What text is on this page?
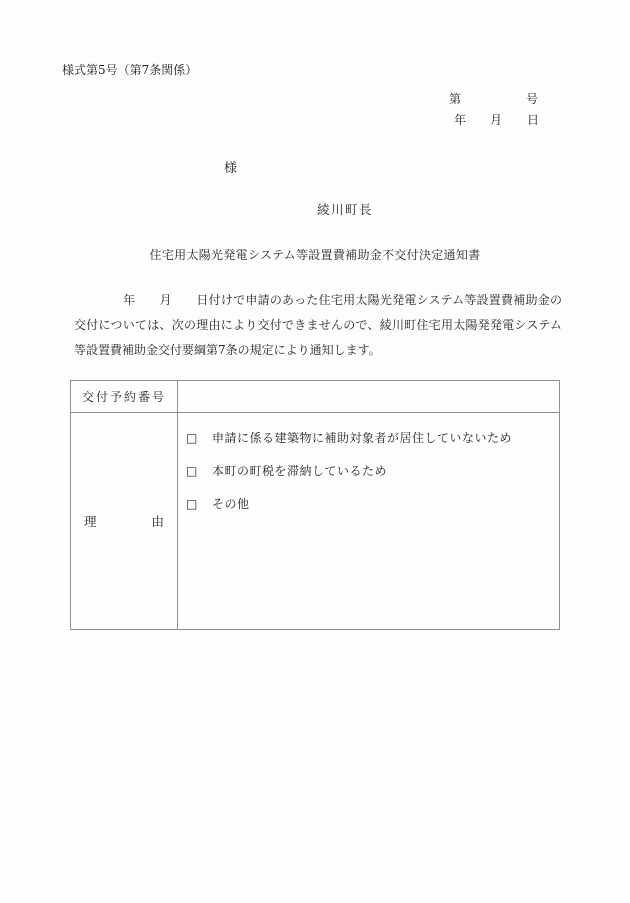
様式第5号（第7条関係）
第	号
年 月 日
様
綾川町長
住宅用太陽光発電システム等設置費補助金不交付決定通知書

　　　　年　　月　　日付けで申請のあった住宅用太陽光発電システム等設置費補助金の交付については、次の理由により交付できませんので、綾川町住宅用太陽発発電システム等設置費補助金交付要綱第7条の規定により通知します。

交付予約番号
理	由
□ 申請に係る建築物に補助対象者が居住していないため
□ 本町の町税を滞納しているため
□ その他
